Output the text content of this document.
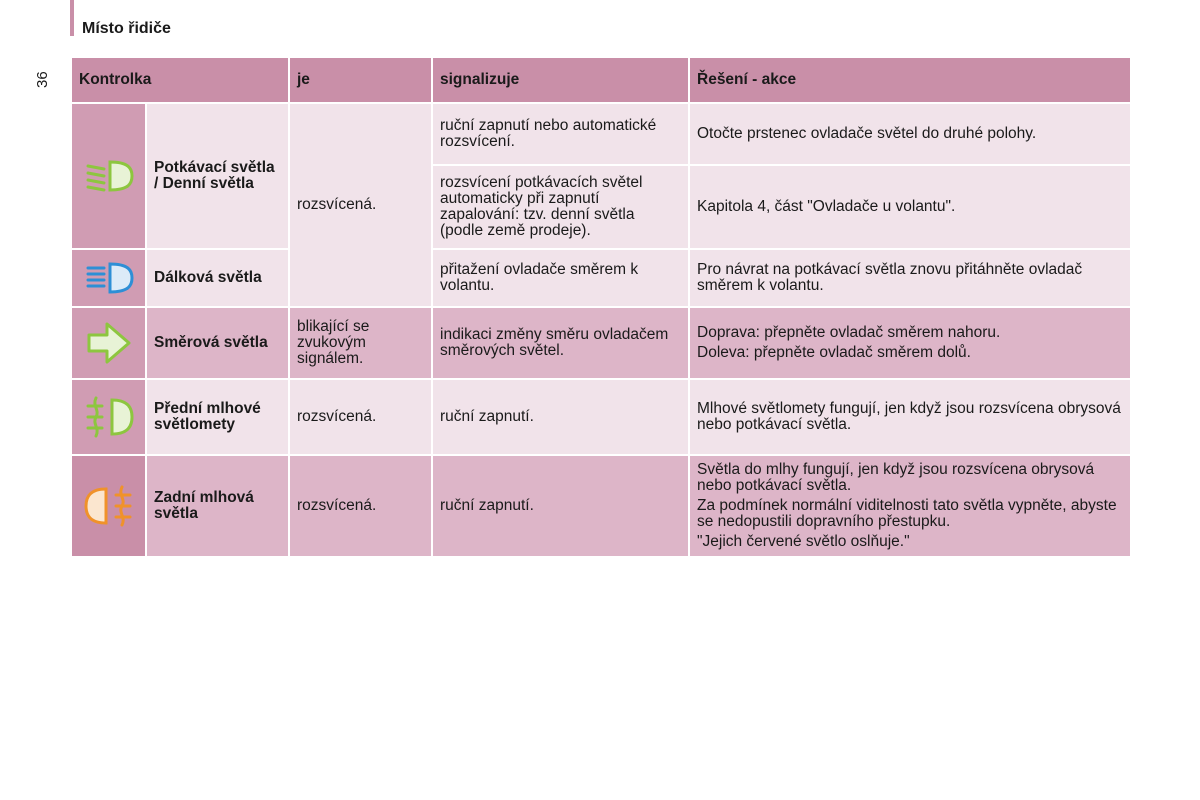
Místo řidiče
36 Kontrolka		je	signalizuje	Řešení - akce

	Potkávací světla / Denní světla	rozsvícená.	ruční zapnutí nebo automatické rozsvícení.	Otočte prstenec ovladače světel do druhé polohy.
			rozsvícení potkávacích světel automaticky při zapnutí zapalování: tzv. denní světla (podle země prodeje).	Kapitola 4, část "Ovladače u volantu".

	Dálková světla		přitažení ovladače směrem k volantu.	Pro návrat na potkávací světla znovu přitáhněte ovladač směrem k volantu.

	Směrová světla	blikající se zvukovým signálem.	indikaci změny směru ovladačem směrových světel.	Doprava: přepněte ovladač směrem nahoru.

Doleva: přepněte ovladač směrem dolů.

	Přední mlhové světlomety	rozsvícená.	ruční zapnutí.	Mlhové světlomety fungují, jen když jsou rozsvícena obrysová nebo potkávací světla.

	Zadní mlhová světla	rozsvícená.	ruční zapnutí.	Světla do mlhy fungují, jen když jsou rozsvícena obrysová nebo potkávací světla.

Za podmínek normální viditelnosti tato světla vypněte, abyste se nedopustili dopravního přestupku.

"Jejich červené světlo oslňuje."
